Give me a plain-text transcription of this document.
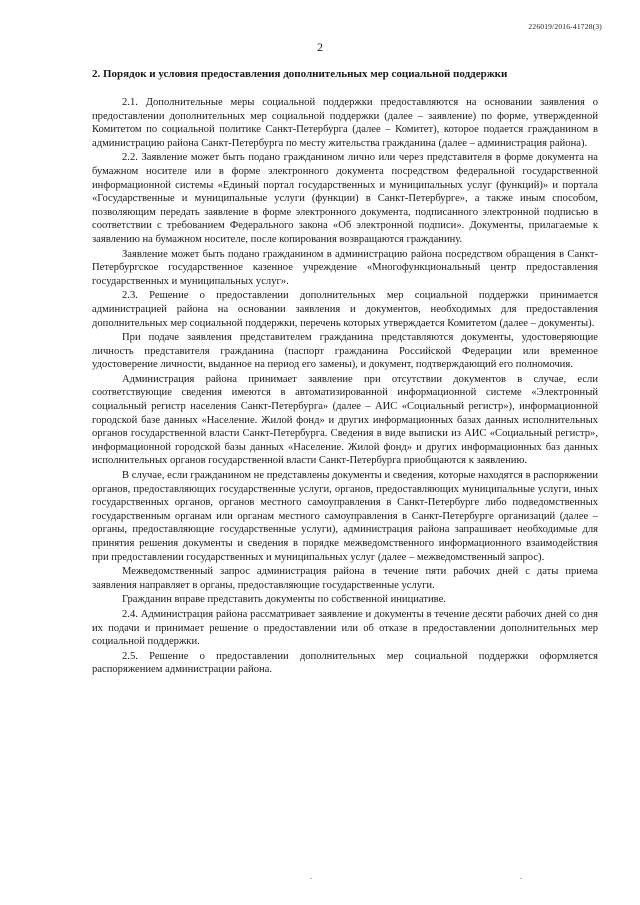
226019/2016-41728(3)
2
2. Порядок и условия предоставления дополнительных мер социальной поддержки

2.1. Дополнительные меры социальной поддержки предоставляются на основании заявления о предоставлении дополнительных мер социальной поддержки (далее – заявление) по форме, утвержденной Комитетом по социальной политике Санкт-Петербурга (далее – Комитет), которое подается гражданином в администрацию района Санкт-Петербурга по месту жительства гражданина (далее – администрация района).

2.2. Заявление может быть подано гражданином лично или через представителя в форме документа на бумажном носителе или в форме электронного документа посредством федеральной государственной информационной системы «Единый портал государственных и муниципальных услуг (функций)» и портала «Государственные и муниципальные услуги (функции) в Санкт-Петербурге», а также иным способом, позволяющим передать заявление в форме электронного документа, подписанного электронной подписью в соответствии с требованием Федерального закона «Об электронной подписи». Документы, прилагаемые к заявлению на бумажном носителе, после копирования возвращаются гражданину.

Заявление может быть подано гражданином в администрацию района посредством обращения в Санкт-Петербургское государственное казенное учреждение «Многофункциональный центр предоставления государственных и муниципальных услуг».

2.3. Решение о предоставлении дополнительных мер социальной поддержки принимается администрацией района на основании заявления и документов, необходимых для предоставления дополнительных мер социальной поддержки, перечень которых утверждается Комитетом (далее – документы).

При подаче заявления представителем гражданина представляются документы, удостоверяющие личность представителя гражданина (паспорт гражданина Российской Федерации или временное удостоверение личности, выданное на период его замены), и документ, подтверждающий его полномочия.

Администрация района принимает заявление при отсутствии документов в случае, если соответствующие сведения имеются в автоматизированной информационной системе «Электронный социальный регистр населения Санкт-Петербурга» (далее – АИС «Социальный регистр»), информационной городской базе данных «Население. Жилой фонд» и других информационных базах данных исполнительных органов государственной власти Санкт-Петербурга. Сведения в виде выписки из АИС «Социальный регистр», информационной городской базы данных «Население. Жилой фонд» и других информационных баз данных исполнительных органов государственной власти Санкт-Петербурга приобщаются к заявлению.

В случае, если гражданином не представлены документы и сведения, которые находятся в распоряжении органов, предоставляющих государственные услуги, органов, предоставляющих муниципальные услуги, иных государственных органов, органов местного самоуправления в Санкт-Петербурге либо подведомственных государственным органам или органам местного самоуправления в Санкт-Петербурге организаций (далее – органы, предоставляющие государственные услуги), администрация района запрашивает необходимые для принятия решения документы и сведения в порядке межведомственного информационного взаимодействия при предоставлении государственных и муниципальных услуг (далее – межведомственный запрос).

Межведомственный запрос администрация района в течение пяти рабочих дней с даты приема заявления направляет в органы, предоставляющие государственные услуги.

Гражданин вправе представить документы по собственной инициативе.

2.4. Администрация района рассматривает заявление и документы в течение десяти рабочих дней со дня их подачи и принимает решение о предоставлении или об отказе в предоставлении дополнительных мер социальной поддержки.

2.5. Решение о предоставлении дополнительных мер социальной поддержки оформляется распоряжением администрации района.
